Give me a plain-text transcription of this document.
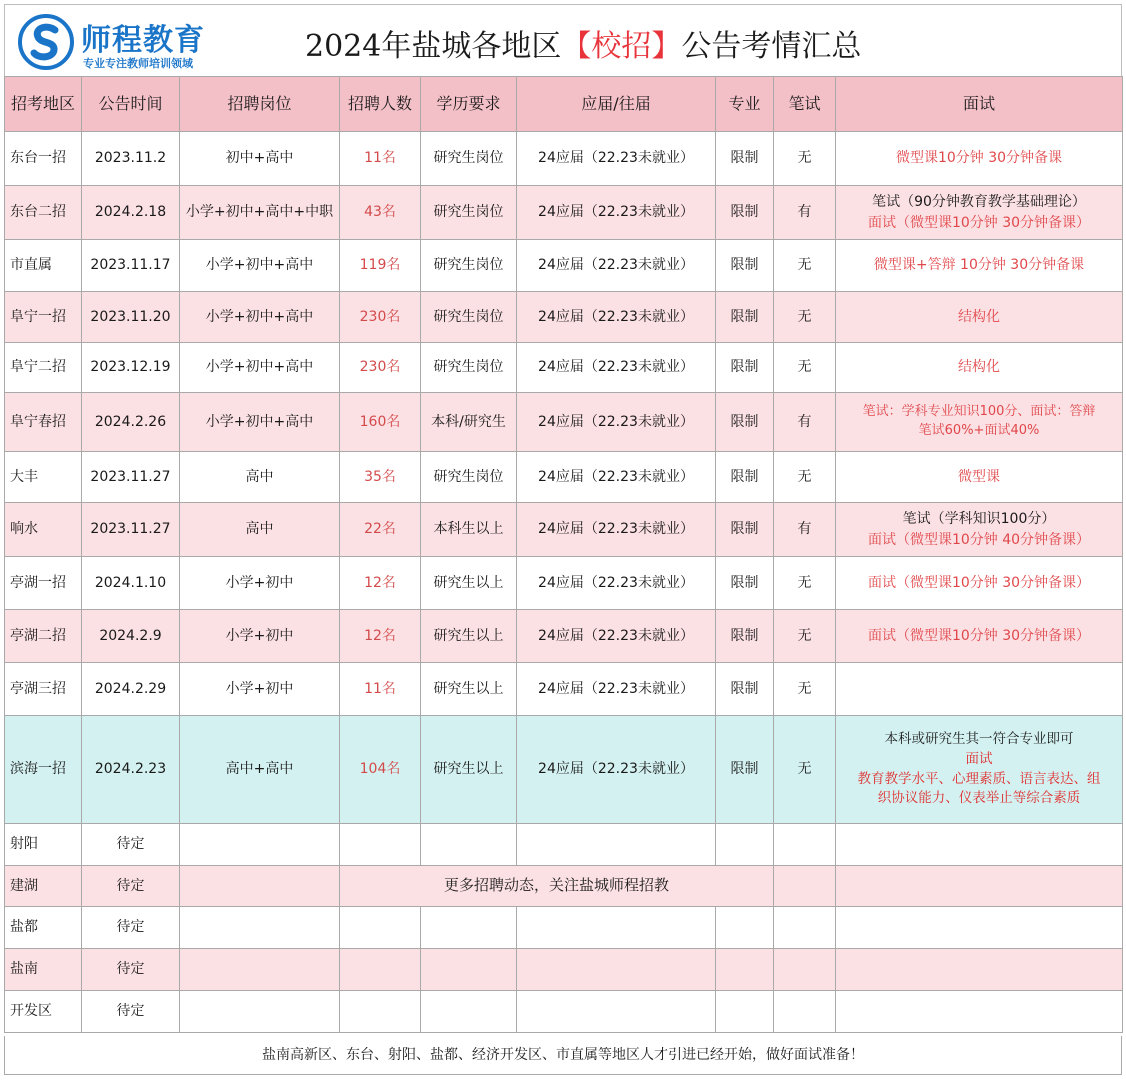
师程教育
专业专注教师培训领域	2024年盐城各地区【校招】公告考情汇总
招考地区	公告时间	招聘岗位	招聘人数	学历要求	应届/往届	专业	笔试	面试
东台一招	2023.11.2	初中+高中	11名	研究生岗位	24应届（22.23未就业）	限制	无	微型课10分钟 30分钟备课

东台二招	2024.2.18	小学+初中+高中+中职	43名	研究生岗位	24应届（22.23未就业）	限制	有	笔试（90分钟教育教学基础理论）
面试（微型课10分钟 30分钟备课）

市直属	2023.11.17	小学+初中+高中	119名	研究生岗位	24应届（22.23未就业）	限制	无	微型课+答辩 10分钟 30分钟备课

阜宁一招	2023.11.20	小学+初中+高中	230名	研究生岗位	24应届（22.23未就业）	限制	无	结构化

阜宁二招	2023.12.19	小学+初中+高中	230名	研究生岗位	24应届（22.23未就业）	限制	无	结构化

阜宁春招	2024.2.26	小学+初中+高中	160名	本科/研究生	24应届（22.23未就业）	限制	有	笔试：学科专业知识100分、面试：答辩
笔试60%+面试40%

大丰	2023.11.27	高中	35名	研究生岗位	24应届（22.23未就业）	限制	无	微型课

响水	2023.11.27	高中	22名	本科生以上	24应届（22.23未就业）	限制	有	笔试（学科知识100分）
面试（微型课10分钟 40分钟备课）

亭湖一招	2024.1.10	小学+初中	12名	研究生以上	24应届（22.23未就业）	限制	无	面试（微型课10分钟 30分钟备课）

亭湖二招	2024.2.9	小学+初中	12名	研究生以上	24应届（22.23未就业）	限制	无	面试（微型课10分钟 30分钟备课）

亭湖三招	2024.2.29	小学+初中	11名	研究生以上	24应届（22.23未就业）	限制	无	
滨海一招	2024.2.23	高中+高中	104名	研究生以上	24应届（22.23未就业）	限制	无	本科或研究生其一符合专业即可
面试
教育教学水平、心理素质、语言表达、组
织协议能力、仪表举止等综合素质

射阳	待定							
建湖	待定		更多招聘动态，关注盐城师程招教					
盐都	待定							
盐南	待定							
开发区	待定							
盐南高新区、东台、射阳、盐都、经济开发区、市直属等地区人才引进已经开始，做好面试准备！
